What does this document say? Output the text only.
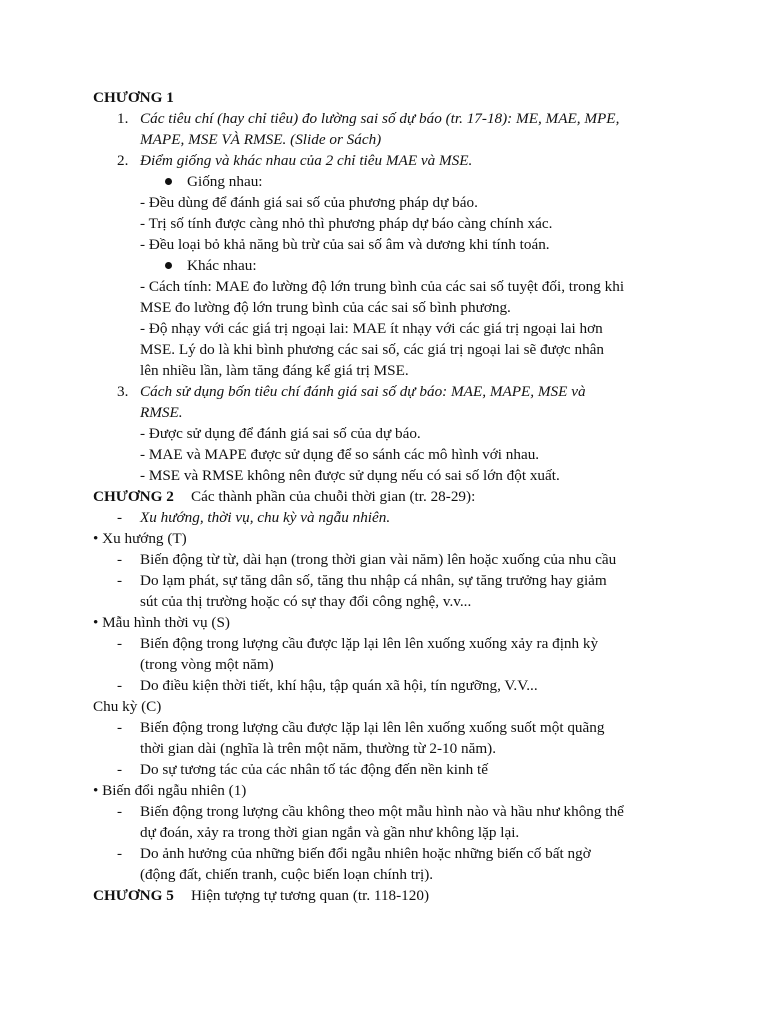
CHƯƠNG 1
1. Các tiêu chí (hay chỉ tiêu) đo lường sai số dự báo (tr. 17-18): ME, MAE, MPE,
MAPE, MSE VÀ RMSE. (Slide or Sách)
2. Điểm giống và khác nhau của 2 chỉ tiêu MAE và MSE.
Giống nhau:
- Đều dùng để đánh giá sai số của phương pháp dự báo.
- Trị số tính được càng nhỏ thì phương pháp dự báo càng chính xác.
- Đều loại bỏ khả năng bù trừ của sai số âm và dương khi tính toán.
Khác nhau:
- Cách tính: MAE đo lường độ lớn trung bình của các sai số tuyệt đối, trong khi
MSE đo lường độ lớn trung bình của các sai số bình phương.
- Độ nhạy với các giá trị ngoại lai: MAE ít nhạy với các giá trị ngoại lai hơn
MSE. Lý do là khi bình phương các sai số, các giá trị ngoại lai sẽ được nhân
lên nhiều lần, làm tăng đáng kể giá trị MSE.
3. Cách sử dụng bốn tiêu chí đánh giá sai số dự báo: MAE, MAPE, MSE và
RMSE.
- Được sử dụng để đánh giá sai số của dự báo.
- MAE và MAPE được sử dụng để so sánh các mô hình với nhau.
- MSE và RMSE không nên được sử dụng nếu có sai số lớn đột xuất.
CHƯƠNG 2 Các thành phần của chuỗi thời gian (tr. 28-29):
- Xu hướng, thời vụ, chu kỳ và ngẫu nhiên.
• Xu hướng (T)
- Biến động từ từ, dài hạn (trong thời gian vài năm) lên hoặc xuống của nhu cầu
- Do lạm phát, sự tăng dân số, tăng thu nhập cá nhân, sự tăng trưởng hay giảm
sút của thị trường hoặc có sự thay đổi công nghệ, v.v...
• Mẫu hình thời vụ (S)
- Biến động trong lượng cầu được lặp lại lên lên xuống xuống xảy ra định kỳ
(trong vòng một năm)
- Do điều kiện thời tiết, khí hậu, tập quán xã hội, tín ngưỡng, V.V...
Chu kỳ (C)
- Biến động trong lượng cầu được lặp lại lên lên xuống xuống suốt một quãng
thời gian dài (nghĩa là trên một năm, thường từ 2-10 năm).
- Do sự tương tác của các nhân tố tác động đến nền kinh tế
• Biến đổi ngẫu nhiên (1)
- Biến động trong lượng cầu không theo một mẫu hình nào và hầu như không thể
dự đoán, xảy ra trong thời gian ngắn và gần như không lặp lại.
- Do ảnh hưởng của những biến đổi ngẫu nhiên hoặc những biến cố bất ngờ
(động đất, chiến tranh, cuộc biến loạn chính trị).
CHƯƠNG 5 Hiện tượng tự tương quan (tr. 118-120)
